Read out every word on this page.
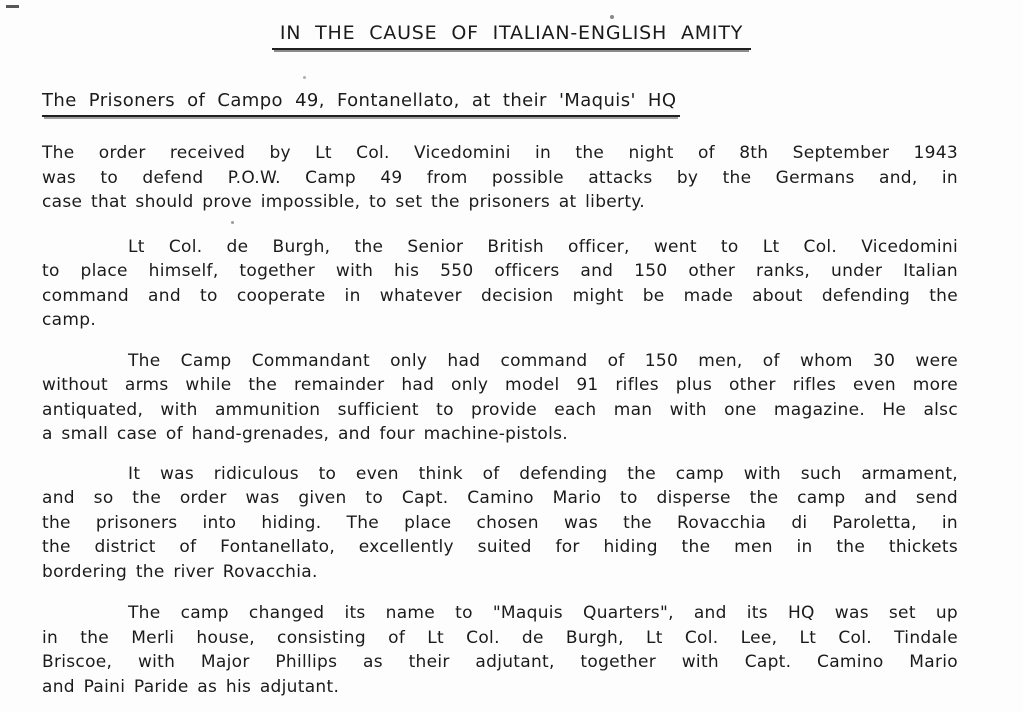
IN THE CAUSE OF ITALIAN-ENGLISH AMITY
The Prisoners of Campo 49, Fontanellato, at their 'Maquis' HQ
The order received by Lt Col. Vicedomini in the night of 8th September 1943
was to defend P.O.W. Camp 49 from possible attacks by the Germans and, in
case that should prove impossible, to set the prisoners at liberty.
Lt Col. de Burgh, the Senior British officer, went to Lt Col. Vicedomini
to place himself, together with his 550 officers and 150 other ranks, under Italian
command and to cooperate in whatever decision might be made about defending the
camp.
The Camp Commandant only had command of 150 men, of whom 30 were
without arms while the remainder had only model 91 rifles plus other rifles even more
antiquated, with ammunition sufficient to provide each man with one magazine. He alsc
a small case of hand-grenades, and four machine-pistols.
It was ridiculous to even think of defending the camp with such armament,
and so the order was given to Capt. Camino Mario to disperse the camp and send
the prisoners into hiding. The place chosen was the Rovacchia di Paroletta, in
the district of Fontanellato, excellently suited for hiding the men in the thickets
bordering the river Rovacchia.
The camp changed its name to "Maquis Quarters", and its HQ was set up
in the Merli house, consisting of Lt Col. de Burgh, Lt Col. Lee, Lt Col. Tindale
Briscoe, with Major Phillips as their adjutant, together with Capt. Camino Mario
and Paini Paride as his adjutant.
